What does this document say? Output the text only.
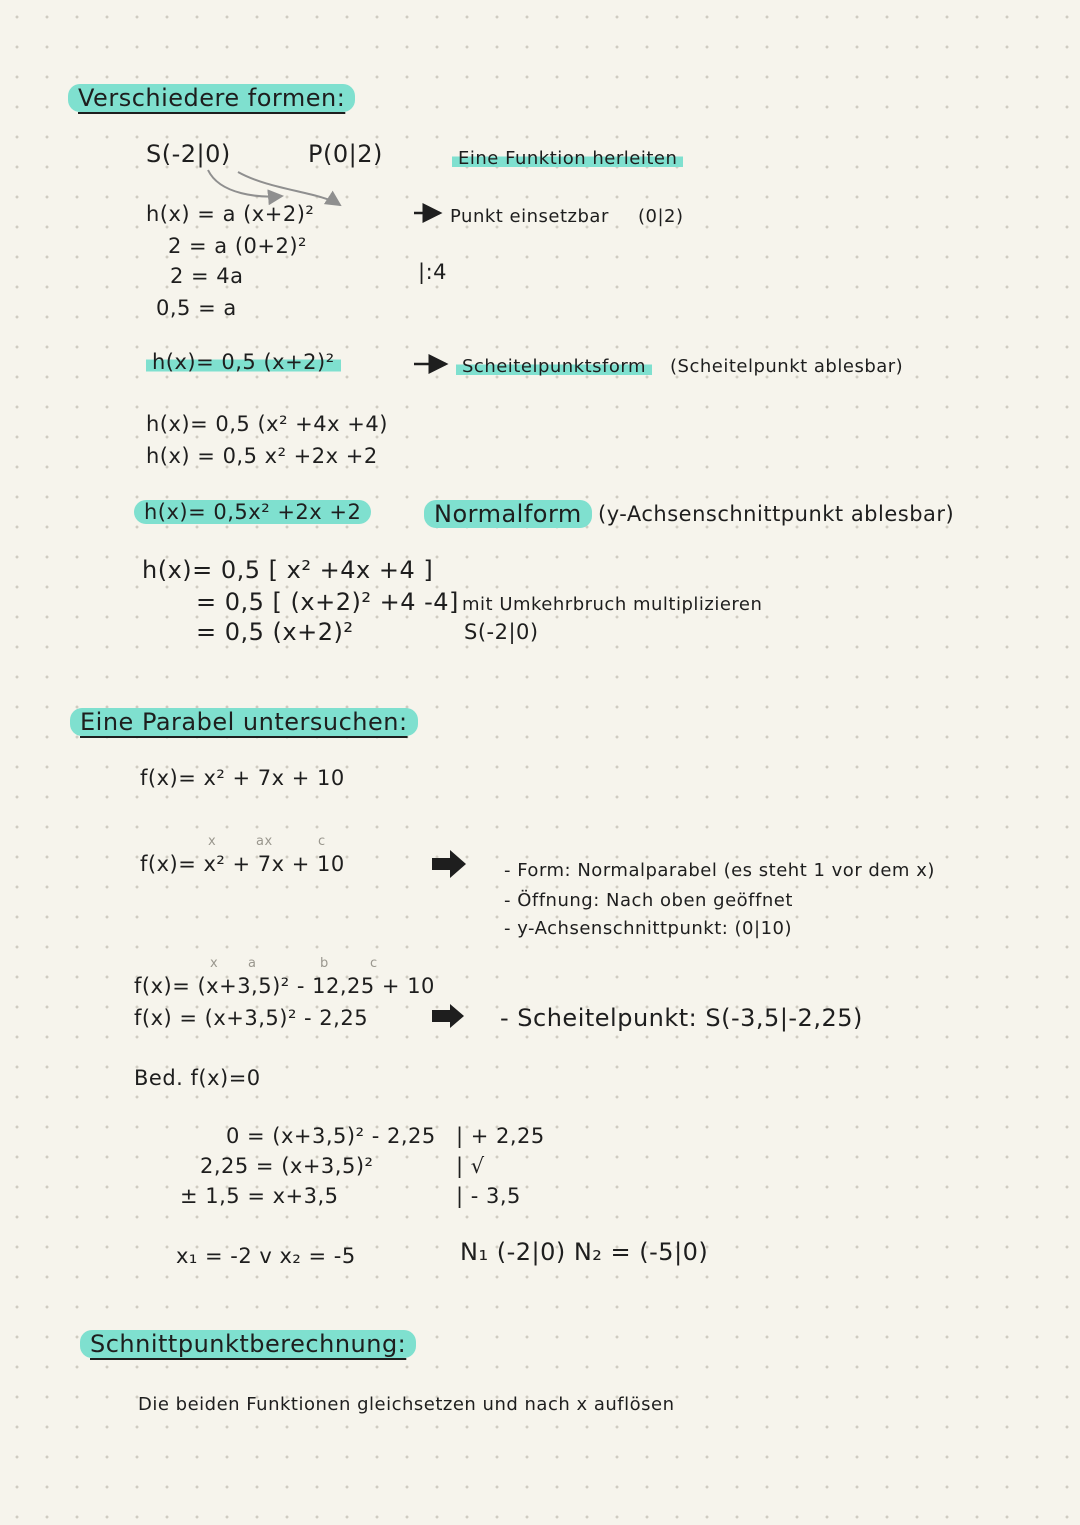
Verschiedere formen:
S(-2|0)	P(0|2)	Eine Funktion herleiten
h(x) = a (x+2)²
2 = a (0+2)²
2 = 4a
0,5 = a
Punkt einsetzbar (0|2)
|:4
h(x)= 0,5 (x+2)²	Scheitelpunktsform	(Scheitelpunkt ablesbar)
h(x)= 0,5 (x² +4x +4)
h(x) = 0,5 x² +2x +2
h(x)= 0,5x² +2x +2	Normalform (y-Achsenschnittpunkt ablesbar)
h(x)= 0,5 [ x² +4x +4 ]
= 0,5 [ (x+2)² +4 -4]
= 0,5 (x+2)²
mit Umkehrbruch multiplizieren
S(-2|0)
Eine Parabel untersuchen:
f(x)= x² + 7x + 10
x	ax	c
f(x)= x² + 7x + 10	- Form: Normalparabel (es steht 1 vor dem x)
- Öffnung: Nach oben geöffnet
- y-Achsenschnittpunkt: (0|10)
x a	b	c
f(x)= (x+3,5)² - 12,25 + 10
f(x) = (x+3,5)² - 2,25	- Scheitelpunkt: S(-3,5|-2,25)
Bed. f(x)=0
0 = (x+3,5)² - 2,25 | + 2,25
2,25 = (x+3,5)²	| √
± 1,5 = x+3,5	| - 3,5
x₁ = -2 v x₂ = -5	N₁ (-2|0) N₂ = (-5|0)
Schnittpunktberechnung:
Die beiden Funktionen gleichsetzen und nach x auflösen
